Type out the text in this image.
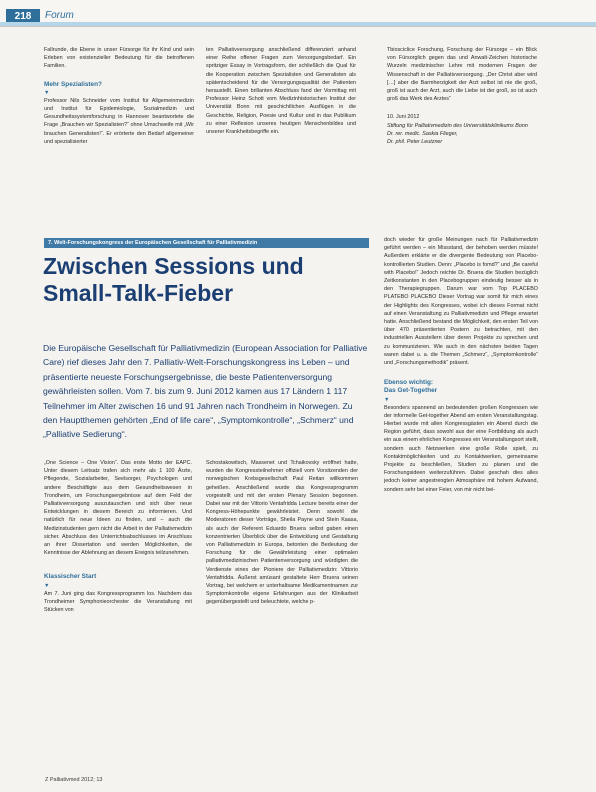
218	Forum

Fallrunde, die Ebene in unser Fürsorge für ihr Kind und sein Erleben von existenzieller Bedeutung für die betroffenen Familien.

Mehr Spezialisten?
▼

Professor Nils Schneider vom Institut für Allgemeinmedizin und Institut für Epidemiologie, Sozialmedizin und Gesundheitssystemforschung in Hannover beantwortete die Frage „Brauchen wir Spezialisten?“ ohne Umschweife mit „Wir brauchen Generalisten!“. Er erörterte den Bedarf allgemeiner und spezialisierter

ten Palliativversorgung anschließend differenziert anhand einer Reihe offener Fragen zum Versorgungsbedarf. Ein spritziger Essay in Vortragsform, der schließlich die Qual für die Kooperation zwischen Spezialisten und Generalisten als spätentscheidend für die Versorgungsqualität der Patienten heraustellt. Einen brillanten Abschluss fand der Vormittag mit Professor Heinz Schott vom Medizinhistorischen Institut der Universität Bonn mit geschichtlichen Ausflügen in die Geschichte, Religion, Poesie und Kultur und in das Publikum zu einer Reflexion unseres heutigen Menschenbildes und unserer Krankheitsbegriffe ein.

Tbiosciclice Forschung, Forschung der Fürsorge – ein Blick von Fürsorglich gegen das und Anwalt-Zeichen historische Wurzeln medizinischer Lehre mit modernen Fragen der Wissenschaft in der Palliativversorgung. „Der Christ aber wird […] aber die Barmherzigkeit der Arzt selbst ist nie die groß, groß ist auch der Arzt, auch die Liebe ist der groß, so ist auch groß das Werk des Arztes“

10. Juni 2012

Stiftung für Palliativmedizin des Universitätsklinikums Bonn

Dr. rer. medic. Saskia Flieger,

Dr. phil. Peter Leutzner

7. Welt-Forschungskongress der Europäischen Gesellschaft für Palliativmedizin
Zwischen Sessions und Small-Talk-Fieber
Die Europäische Gesellschaft für Palliativmedizin (European Association for Palliative Care) rief dieses Jahr den 7. Palliativ-Welt-Forschungskongress ins Leben – und präsentierte neueste Forschungsergebnisse, die beste Patientenversorgung gewährleisten sollen. Vom 7. bis zum 9. Juni 2012 kamen aus 17 Ländern 1 117 Teilnehmer im Alter zwischen 16 und 91 Jahren nach Trondheim in Norwegen. Zu den Hauptthemen gehörten „End of life care“, „Symptomkontrolle“, „Schmerz“ und „Palliative Sedierung“.

„One Science – One Vision“. Das erste Motto der EAPC. Unter diesem Leitsatz trafen sich mehr als 1 100 Ärzte, Pflegende, Sozialarbeiter, Seelsorger, Psychologen und andere Beschäftigte aus dem Gesundheitswesen in Trondheim, um Forschungsergebnisse auf dem Feld der Palliativversorgung auszutauschen und sich über neue Entwicklungen in diesem Bereich zu informieren. Und natürlich für neue Ideen zu finden, und – auch die Medizinstudenten gern nicht die Arbeit in der Palliativmedizin sicher. Abschluss des Unterrichtsabschlusses im Anschluss an ihrer Dissertation und werden Möglichkeiten, die Kenntnisse der Ablehnung an diesem Ereignis teilzunehmen.

Klassischer Start
▼

Am 7. Juni ging das Kongressprogramm los. Nachdem das Trondheimer Symphonieorchester die Veranstaltung mit Stücken von

Schostakowitsch, Massenet und Tchaikovsky eröffnet hatte, wurden die Kongressteilnehmer offiziell vom Vorsitzenden der norwegischen Krebsgesellschaft Paul Reitan willkommen geheißen. Anschließend wurde das Kongressprogramm vorgestellt und mit der ersten Plenary Session begonnen. Dabei war mit der Vittorio Ventafridda Lecture bereits einer der Kongress-Höhepunkte gewährleistet. Denn sowohl die Moderatoren dieser Vorträge, Sheila Payne und Stein Kaasa, als auch der Referent Eduardo Bruera selbst gaben einen konzentrierten Überblick über die Entwicklung und Gestaltung von Palliativmedizin in Europa, betonten die Bedeutung der Forschung für die Gewährleistung einer optimalen palliativmedizinischen Patientenversorgung und würdigten die Verdienste eines der Pioniere der Palliativmedizin: Vittorio Ventafridda. Äußerst amüsant gestaltete Herr Bruera seinen Vortrag, bei welchem er unterhaltsame Medikamentnamen zur Symptomkontrolle eigene Erfahrungen aus der Klinikarbeit gegenübergestellt und beleuchtete, welche p-

doch wieder für große Meinungen nach für Palliativmedizin geführt werden – ein Missstand, der behoben werden müsste! Außerdem erklärte er die divergente Bedeutung von Placebo-kontrollierten Studien. Denn: „Placebo is fomd?“ und „Be careful with Placebo!“ Jedoch reichte Dr. Bruera die Studien bezüglich Zeitkonstanten in den Placebogruppen eindeutig besser als in den Therapiegruppen. Darum war vom Top PLACEBO PLATEBO PLACEBO Dieser Vortrag war somit für mich eines der Highlights des Kongresses, wobei ich dieses Format nicht auf einen Veranstaltung zu Palliativmedizin und Pflege erwartet hatte. Anschließend bestand die Möglichkeit, den ersten Teil von über 470 präsentierten Postern zu betrachten, mit den industriellen Ausstellern über deren Projekte zu sprechen und zu kommunizieren. Wie auch in den nächsten beiden Tagen waren dabei u. a. die Themen „Schmerz“, „Symptomkontrolle“ und „Forschungsmethodik“ präsent.

Ebenso wichtig:
Das Get-Together
▼

Besonders spannend an bedeutenden großen Kongressen wie der informelle Get-together Abend am ersten Veranstaltungstag. Hierbei wurde mit allen Kongressgästen ein Abend durch die Region geführt, dass sowohl aus der eine Fortbildung als auch ein aus einem ehrlichen Kongresses ein Veranstaltungsort stellt, sondern auch Netzwerken eine große Rolle spielt, zu Kontaktmöglichkeiten und zu Kontaktwerken, gemeinsame Projekte zu beschließen, Studien zu planen und die Forschungsideen weiterzuführen. Dabei geschah dies alles jedoch keiner angestrengten Atmosphäre mit hohem Aufwand, sondern sehr bei einer Feier, von mir nicht bei-

Z Palliativmed 2012; 13
